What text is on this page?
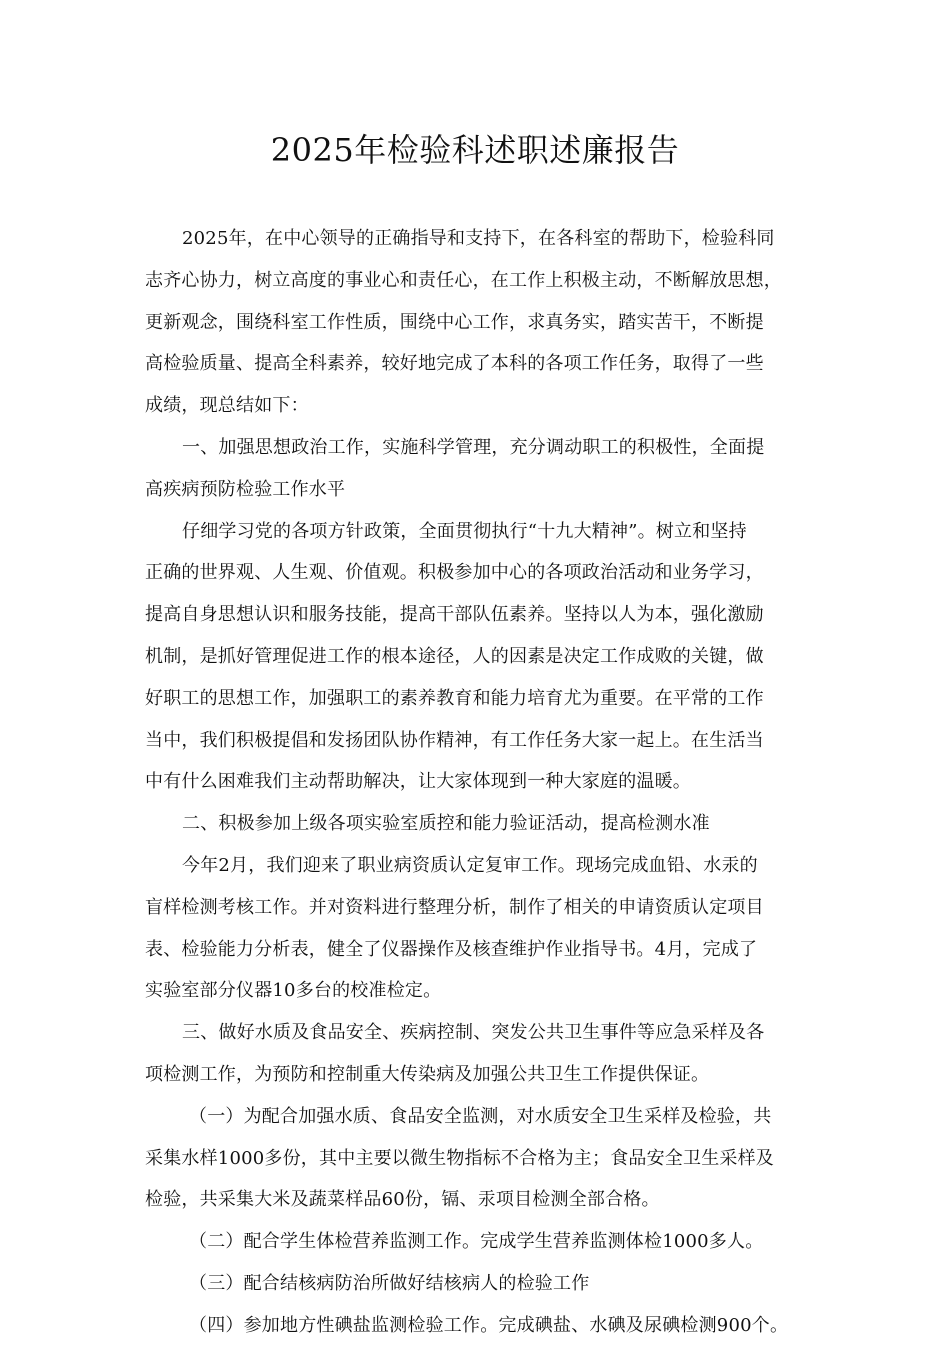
2025年检验科述职述廉报告
2025年，在中心领导的正确指导和支持下，在各科室的帮助下，检验科同
志齐心协力，树立高度的事业心和责任心，在工作上积极主动，不断解放思想，
更新观念，围绕科室工作性质，围绕中心工作，求真务实，踏实苦干，不断提
高检验质量、提高全科素养，较好地完成了本科的各项工作任务，取得了一些
成绩，现总结如下：
一、加强思想政治工作，实施科学管理，充分调动职工的积极性，全面提
高疾病预防检验工作水平
仔细学习党的各项方针政策，全面贯彻执行“十九大精神”。树立和坚持
正确的世界观、人生观、价值观。积极参加中心的各项政治活动和业务学习，
提高自身思想认识和服务技能，提高干部队伍素养。坚持以人为本，强化激励
机制，是抓好管理促进工作的根本途径，人的因素是决定工作成败的关键，做
好职工的思想工作，加强职工的素养教育和能力培育尤为重要。在平常的工作
当中，我们积极提倡和发扬团队协作精神，有工作任务大家一起上。在生活当
中有什么困难我们主动帮助解决，让大家体现到一种大家庭的温暖。
二、积极参加上级各项实验室质控和能力验证活动，提高检测水准
今年2月，我们迎来了职业病资质认定复审工作。现场完成血铅、水汞的
盲样检测考核工作。并对资料进行整理分析，制作了相关的申请资质认定项目
表、检验能力分析表，健全了仪器操作及核查维护作业指导书。4月，完成了
实验室部分仪器10多台的校准检定。
三、做好水质及食品安全、疾病控制、突发公共卫生事件等应急采样及各
项检测工作，为预防和控制重大传染病及加强公共卫生工作提供保证。
（一）为配合加强水质、食品安全监测，对水质安全卫生采样及检验，共
采集水样1000多份，其中主要以微生物指标不合格为主；食品安全卫生采样及
检验，共采集大米及蔬菜样品60份，镉、汞项目检测全部合格。
（二）配合学生体检营养监测工作。完成学生营养监测体检1000多人。
（三）配合结核病防治所做好结核病人的检验工作
（四）参加地方性碘盐监测检验工作。完成碘盐、水碘及尿碘检测900个。
